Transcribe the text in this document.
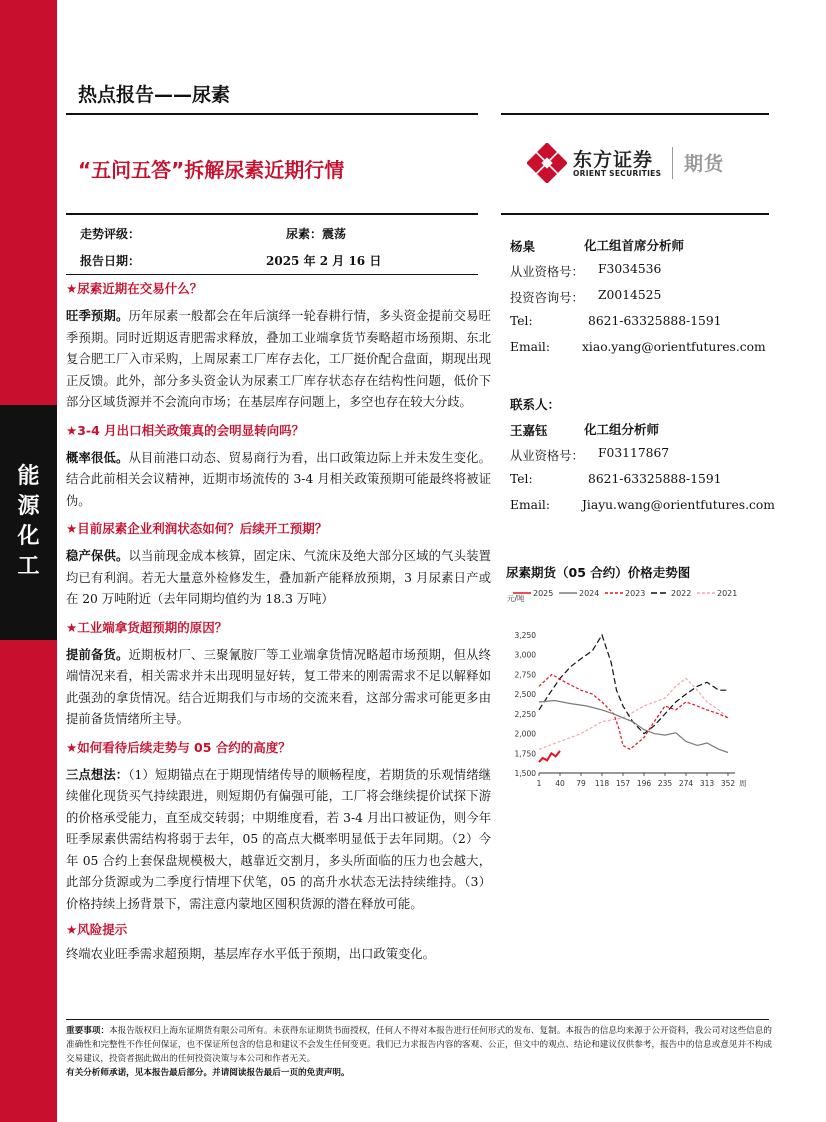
能源化工
热点报告——尿素
“五问五答”拆解尿素近期行情	东方证券
ORIENT SECURITIES 期货
走势评级：	尿素：震荡
报告日期：	2025 年 2 月 16 日
★尿素近期在交易什么？
旺季预期。历年尿素一般都会在年后演绎一轮春耕行情，多头资金提前交易旺季预期。同时近期返青肥需求释放，叠加工业端拿货节奏略超市场预期、东北复合肥工厂入市采购，上周尿素工厂库存去化，工厂挺价配合盘面，期现出现正反馈。此外，部分多头资金认为尿素工厂库存状态存在结构性问题，低价下部分区域货源并不会流向市场；在基层库存问题上，多空也存在较大分歧。
★3-4 月出口相关政策真的会明显转向吗？
概率很低。从目前港口动态、贸易商行为看，出口政策边际上并未发生变化。结合此前相关会议精神，近期市场流传的 3-4 月相关政策预期可能最终将被证伪。
★目前尿素企业利润状态如何？后续开工预期？
稳产保供。以当前现金成本核算，固定床、气流床及绝大部分区域的气头装置均已有利润。若无大量意外检修发生，叠加新产能释放预期，3 月尿素日产或在 20 万吨附近（去年同期均值约为 18.3 万吨）
★工业端拿货超预期的原因？
提前备货。近期板材厂、三聚氰胺厂等工业端拿货情况略超市场预期，但从终端情况来看，相关需求并未出现明显好转，复工带来的刚需需求不足以解释如此强劲的拿货情况。结合近期我们与市场的交流来看，这部分需求可能更多由提前备货情绪所主导。
★如何看待后续走势与 05 合约的高度？
三点想法：（1）短期锚点在于期现情绪传导的顺畅程度，若期货的乐观情绪继续催化现货买气持续跟进，则短期仍有偏强可能，工厂将会继续提价试探下游的价格承受能力，直至成交转弱；中期维度看，若 3-4 月出口被证伪，则今年旺季尿素供需结构将弱于去年，05 的高点大概率明显低于去年同期。（2）今年 05 合约上套保盘规模极大，越靠近交割月，多头所面临的压力也会越大，此部分货源或为二季度行情埋下伏笔，05 的高升水状态无法持续维持。（3）价格持续上扬背景下，需注意内蒙地区囤积货源的潜在释放可能。
★风险提示
终端农业旺季需求超预期，基层库存水平低于预期，出口政策变化。
杨臬	化工组首席分析师
从业资格号： F3034536
投资咨询号： Z0014525
Tel:	8621-63325888-1591
Email:	xiao.yang@orientfutures.com
联系人：
王嘉钰	化工组分析师
从业资格号： F03117867
Tel:	8621-63325888-1591
Email:	Jiayu.wang@orientfutures.com
尿素期货（05 合约）价格走势图
2025	2024	2023	2022	2021
元/吨
1,500
1,750
2,000
2,250
2,500
2,750
3,000
3,250
1 40 79 118 157 196 235 274 313 352 周
重要事项：本报告版权归上海东证期货有限公司所有。未获得东证期货书面授权，任何人不得对本报告进行任何形式的发布、复制。本报告的信息均来源于公开资料，我公司对这些信息的准确性和完整性不作任何保证，也不保证所包含的信息和建议不会发生任何变更。我们已力求报告内容的客观、公正，但文中的观点、结论和建议仅供参考，报告中的信息或意见并不构成交易建议，投资者据此做出的任何投资决策与本公司和作者无关。
有关分析师承诺，见本报告最后部分。并请阅读报告最后一页的免责声明。
